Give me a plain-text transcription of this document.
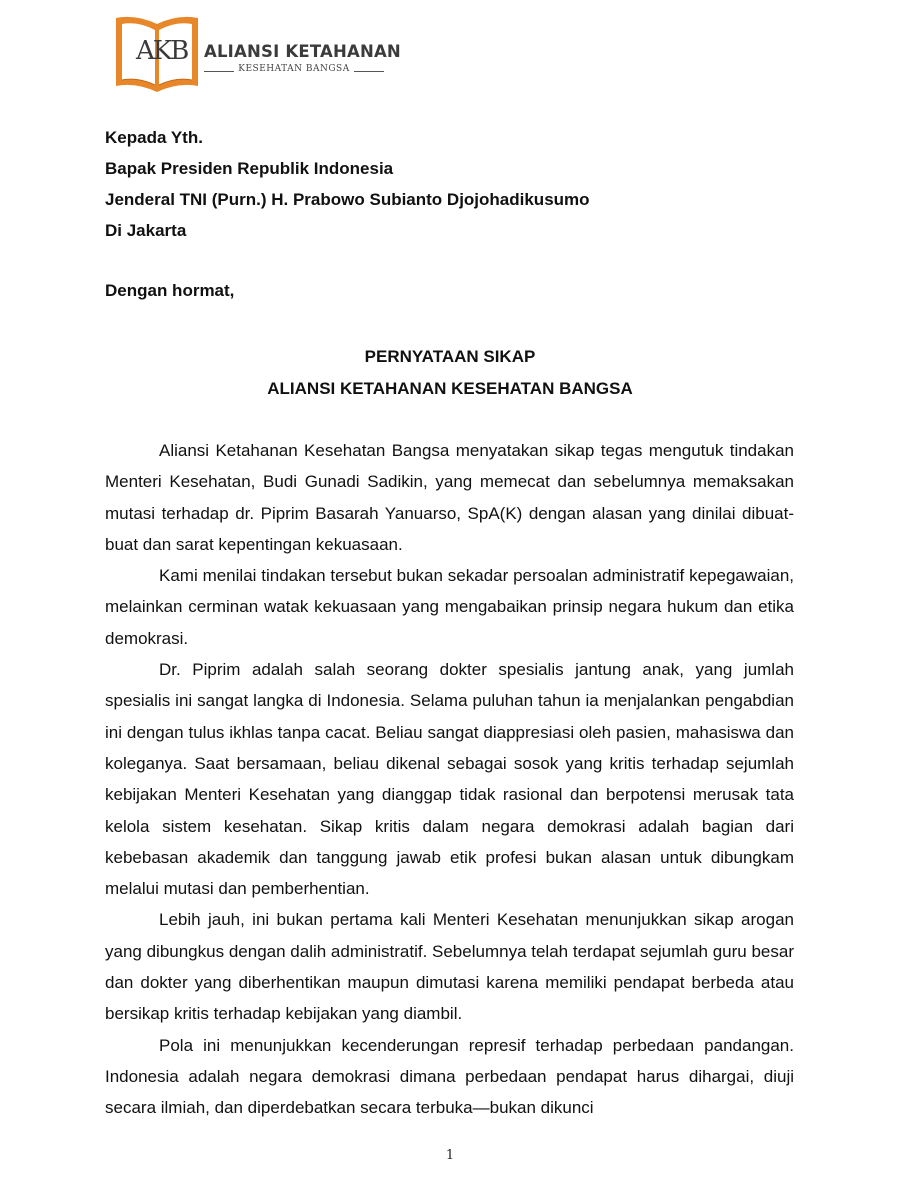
AKB ALIANSI KETAHANAN
KESEHATAN BANGSA
Kepada Yth.
Bapak Presiden Republik Indonesia
Jenderal TNI (Purn.) H. Prabowo Subianto Djojohadikusumo
Di Jakarta
Dengan hormat,
PERNYATAAN SIKAP
ALIANSI KETAHANAN KESEHATAN BANGSA

Aliansi Ketahanan Kesehatan Bangsa menyatakan sikap tegas mengutuk tindakan Menteri Kesehatan, Budi Gunadi Sadikin, yang memecat dan sebelumnya memaksakan mutasi terhadap dr. Piprim Basarah Yanuarso, SpA(K) dengan alasan yang dinilai dibuat-buat dan sarat kepentingan kekuasaan.

Kami menilai tindakan tersebut bukan sekadar persoalan administratif kepegawaian, melainkan cerminan watak kekuasaan yang mengabaikan prinsip negara hukum dan etika demokrasi.

Dr. Piprim adalah salah seorang dokter spesialis jantung anak, yang jumlah spesialis ini sangat langka di Indonesia. Selama puluhan tahun ia menjalankan pengabdian ini dengan tulus ikhlas tanpa cacat. Beliau sangat diappresiasi oleh pasien, mahasiswa dan koleganya. Saat bersamaan, beliau dikenal sebagai sosok yang kritis terhadap sejumlah kebijakan Menteri Kesehatan yang dianggap tidak rasional dan berpotensi merusak tata kelola sistem kesehatan. Sikap kritis dalam negara demokrasi adalah bagian dari kebebasan akademik dan tanggung jawab etik profesi bukan alasan untuk dibungkam melalui mutasi dan pemberhentian.

Lebih jauh, ini bukan pertama kali Menteri Kesehatan menunjukkan sikap arogan yang dibungkus dengan dalih administratif. Sebelumnya telah terdapat sejumlah guru besar dan dokter yang diberhentikan maupun dimutasi karena memiliki pendapat berbeda atau bersikap kritis terhadap kebijakan yang diambil.

Pola ini menunjukkan kecenderungan represif terhadap perbedaan pandangan. Indonesia adalah negara demokrasi dimana perbedaan pendapat harus dihargai, diuji secara ilmiah, dan diperdebatkan secara terbuka—bukan dikunci

1
